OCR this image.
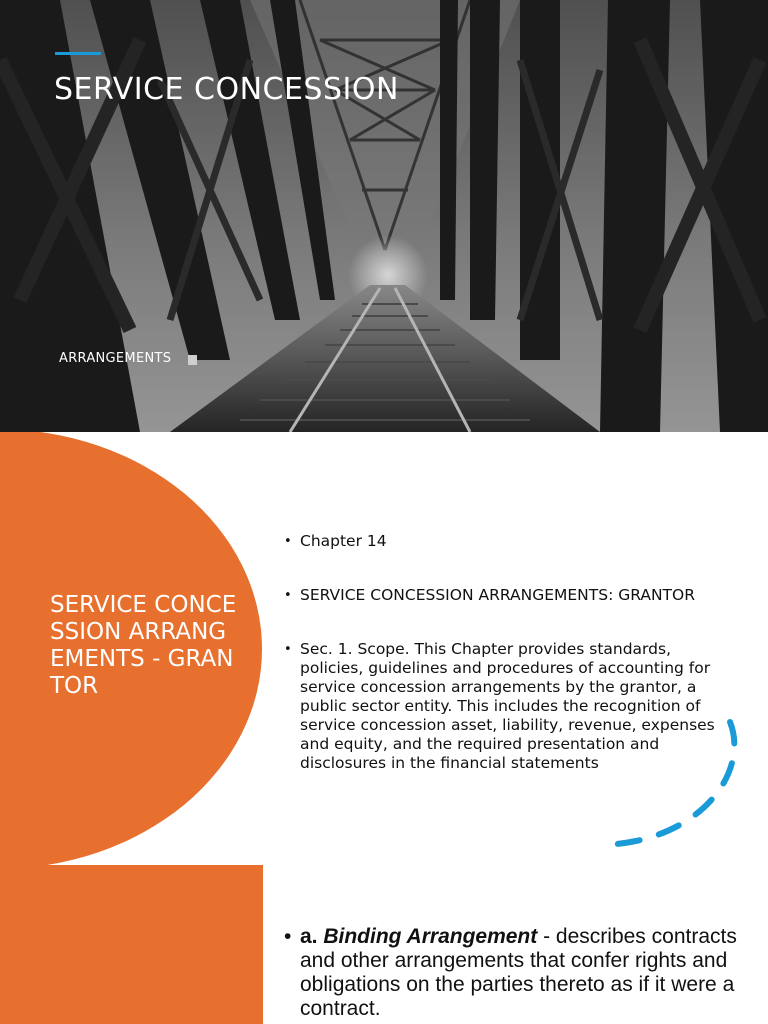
SERVICE CONCESSION
ARRANGEMENTS
SERVICE CONCESSION ARRANGEMENTS - GRANTOR
• Chapter 14
• SERVICE CONCESSION ARRANGEMENTS: GRANTOR
• Sec. 1. Scope. This Chapter provides standards, policies, guidelines and procedures of accounting for service concession arrangements by the grantor, a public sector entity. This includes the recognition of service concession asset, liability, revenue, expenses and equity, and the required presentation and disclosures in the financial statements
• a. Binding Arrangement - describes contracts and other arrangements that confer rights and obligations on the parties thereto as if it were a contract.
